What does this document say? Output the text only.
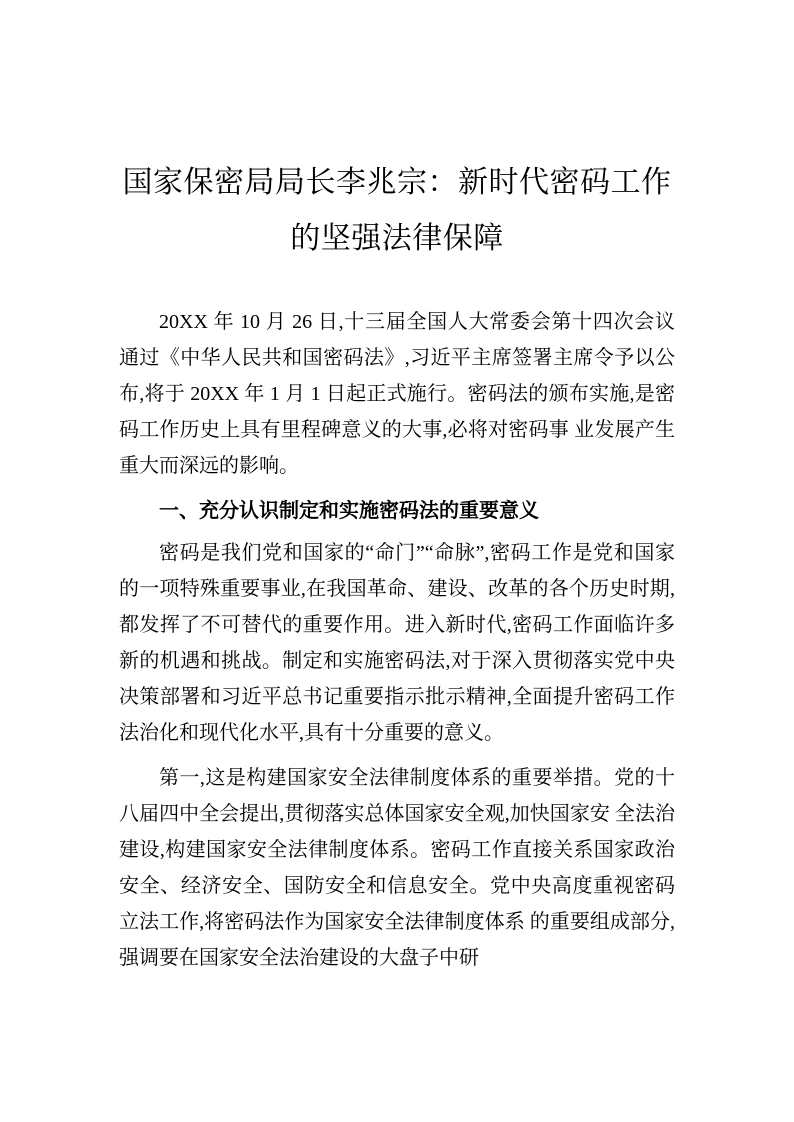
国家保密局局长李兆宗：新时代密码工作
的坚强法律保障

20XX 年 10 月 26 日,十三届全国人大常委会第十四次会议通过《中华人民共和国密码法》,习近平主席签署主席令予以公布,将于 20XX 年 1 月 1 日起正式施行。密码法的颁布实施,是密码工作历史上具有里程碑意义的大事,必将对密码事 业发展产生重大而深远的影响。

一、充分认识制定和实施密码法的重要意义

密码是我们党和国家的“命门”“命脉”,密码工作是党和国家的一项特殊重要事业,在我国革命、建设、改革的各个历史时期,都发挥了不可替代的重要作用。进入新时代,密码工作面临许多新的机遇和挑战。制定和实施密码法,对于深入贯彻落实党中央决策部署和习近平总书记重要指示批示精神,全面提升密码工作法治化和现代化水平,具有十分重要的意义。

第一,这是构建国家安全法律制度体系的重要举措。党的十八届四中全会提出,贯彻落实总体国家安全观,加快国家安 全法治建设,构建国家安全法律制度体系。密码工作直接关系国家政治安全、经济安全、国防安全和信息安全。党中央高度重视密码立法工作,将密码法作为国家安全法律制度体系 的重要组成部分,强调要在国家安全法治建设的大盘子中研
